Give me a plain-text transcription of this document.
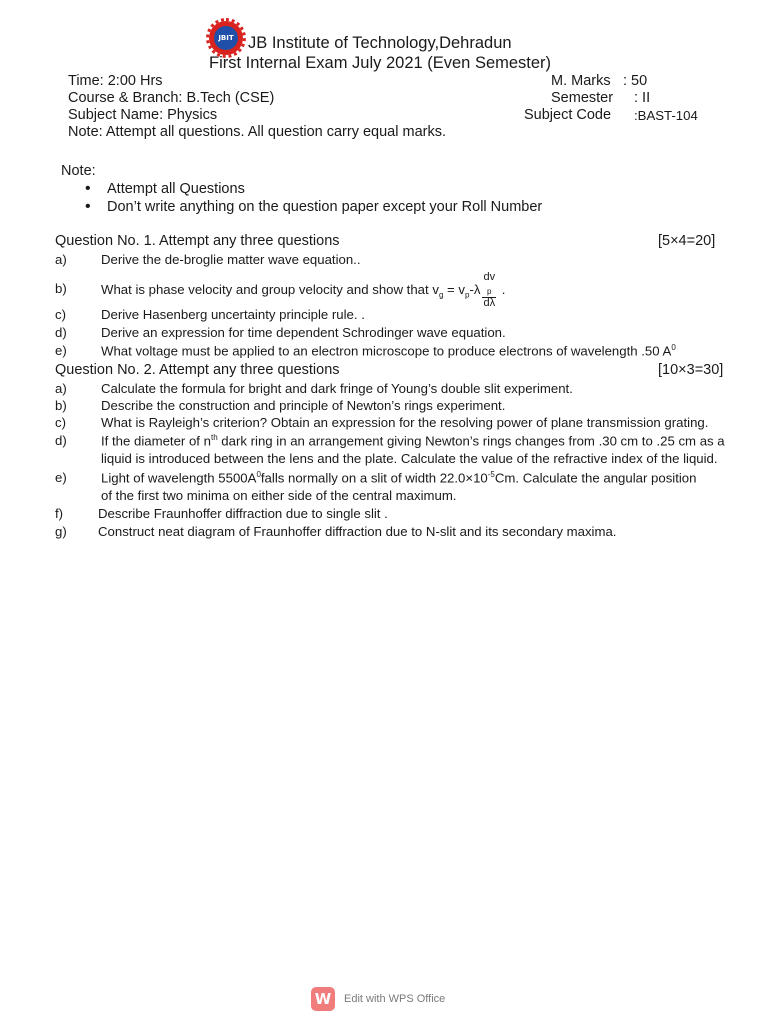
JBIT JB Institute of Technology,Dehradun
First Internal Exam July 2021 (Even Semester)
Time: 2:00 Hrs
Course & Branch: B.Tech (CSE)
Subject Name: Physics
Note: Attempt all questions. All question carry equal marks.
M. Marks : 50
Semester : II
Subject Code :BAST-104
Note:
• Attempt all Questions
• Don’t write anything on the question paper except your Roll Number
Question No. 1. Attempt any three questions	[5×4=20]
a)	Derive the de-broglie matter wave equation..
b)	What is phase velocity and group velocity and show that $v_g = v_p-\lambda$ dv
$_p$
dλ .
c)	Derive Hasenberg uncertainty principle rule. .
d)	Derive an expression for time dependent Schrodinger wave equation.
e)	What voltage must be applied to an electron microscope to produce electrons of wavelength .50 $A^0$
Question No. 2. Attempt any three questions	[10×3=30]
a)	Calculate the formula for bright and dark fringe of Young’s double slit experiment.
b)	Describe the construction and principle of Newton’s rings experiment.
c)	What is Rayleigh’s criterion? Obtain an expression for the resolving power of plane transmission grating.
d)	If the diameter of $n^{th}$ dark ring in an arrangement giving Newton’s rings changes from .30 cm to .25 cm as a
liquid is introduced between the lens and the plate. Calculate the value of the refractive index of the liquid.
e)	Light of wavelength $5500A^0falls$ normally on a slit of width $22.0\times 10^{-5}Cm$. Calculate the angular position
of the first two minima on either side of the central maximum.
f)	Describe Fraunhoffer diffraction due to single slit .
g) Construct neat diagram of Fraunhoffer diffraction due to N-slit and its secondary maxima.
W	Edit with WPS Office
